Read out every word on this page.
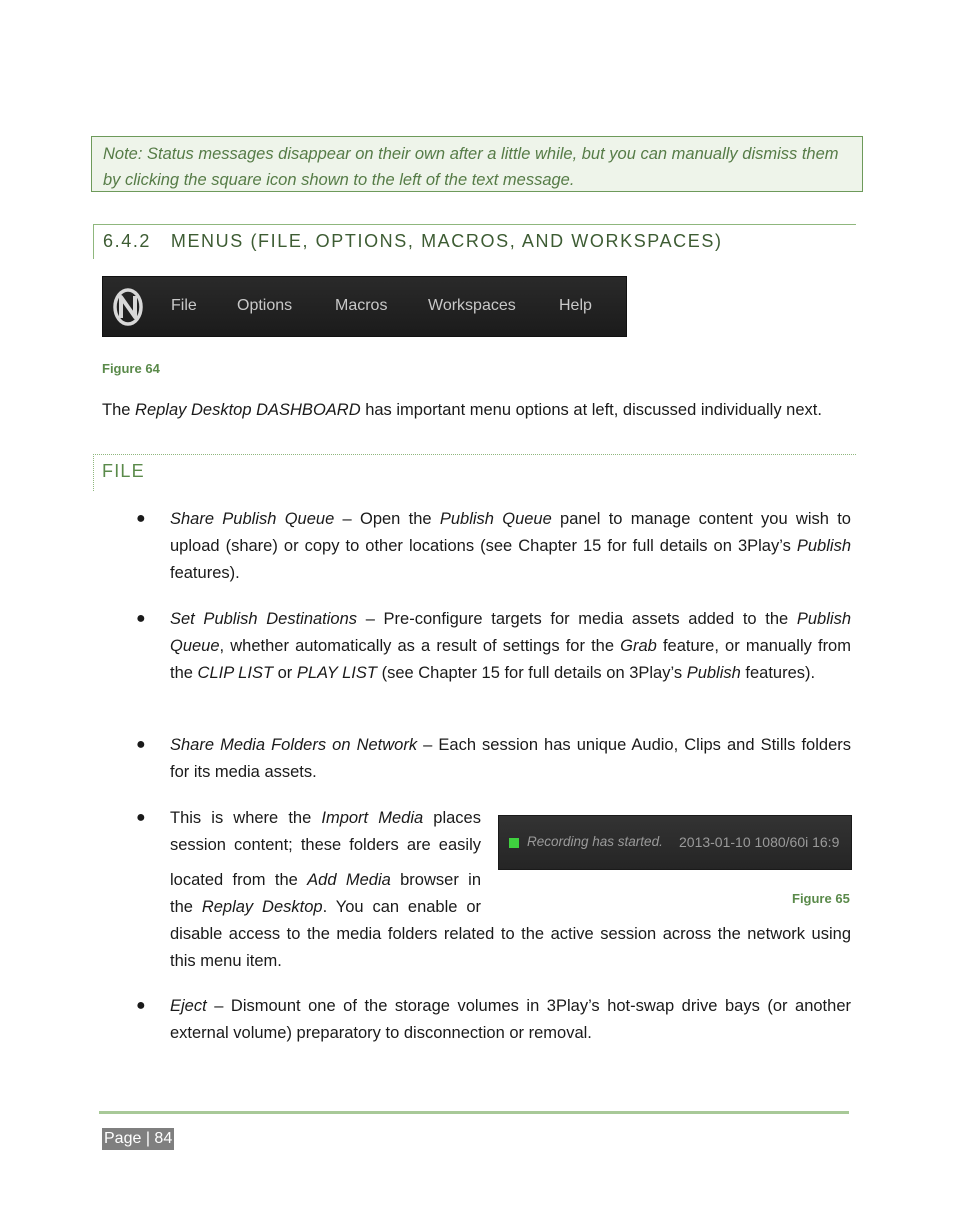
Note: Status messages disappear on their own after a little while, but you can manually dismiss them by clicking the square icon shown to the left of the text message.
6.4.2 MENUS (FILE, OPTIONS, MACROS, AND WORKSPACES)
File	Options	Macros	Workspaces	Help
Figure 64
The Replay Desktop DASHBOARD has important menu options at left, discussed individually next.
FILE
● Share Publish Queue – Open the Publish Queue panel to manage content you wish to upload (share) or copy to other locations (see Chapter 15 for full details on 3Play’s Publish features).
● Set Publish Destinations – Pre-configure targets for media assets added to the Publish Queue, whether automatically as a result of settings for the Grab feature, or manually from the CLIP LIST or PLAY LIST (see Chapter 15 for full details on 3Play’s Publish features).
● Share Media Folders on Network – Each session has unique Audio, Clips and Stills folders for its media assets.
● This is where the Import Media places
session content; these folders are easily
located from the Add Media browser in
the Replay Desktop. You can enable or
disable access to the media folders related to the active session across the network using this menu item.
Recording has started. 2013-01-10 1080/60i 16:9
Figure 65
● Eject – Dismount one of the storage volumes in 3Play’s hot-swap drive bays (or another external volume) preparatory to disconnection or removal.
Page | 84
